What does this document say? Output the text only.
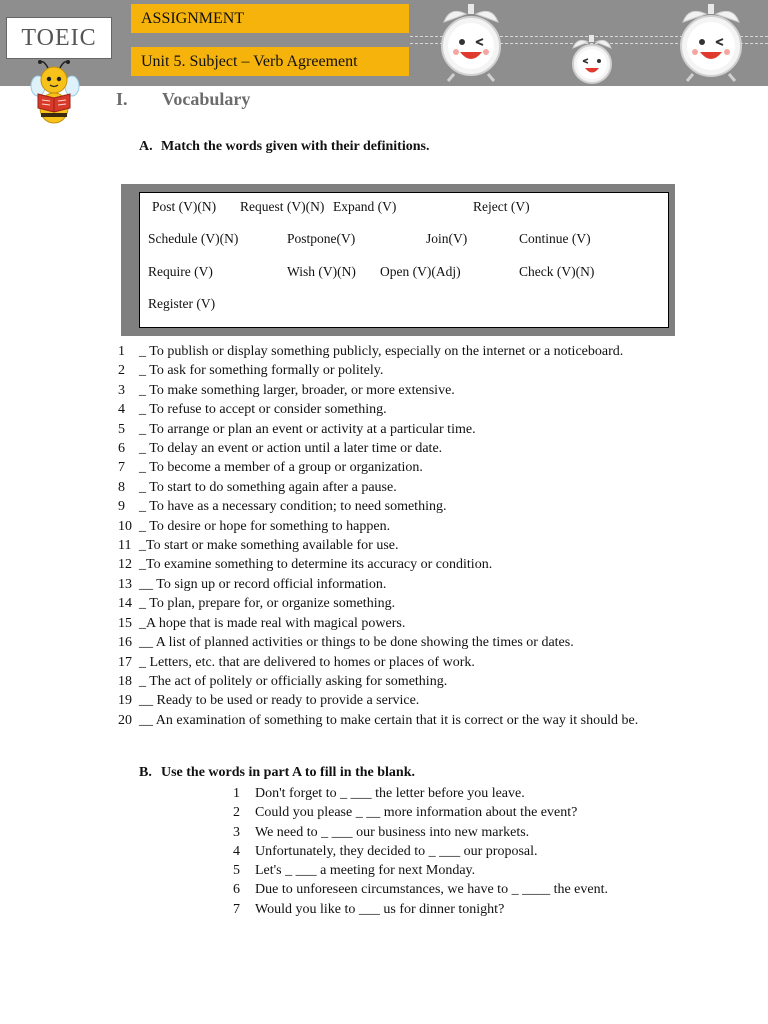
TOEIC
ASSIGNMENT
Unit 5. Subject – Verb Agreement
I. Vocabulary
A. Match the words given with their definitions.
Post (V)(N) Request (V)(N) Expand (V)	Reject (V)
Schedule (V)(N)	Postpone(V)	Join(V)	Continue (V)
Require (V)	Wish (V)(N) Open (V)(Adj)	Check (V)(N)
Register (V)
1	_ To publish or display something publicly, especially on the internet or a noticeboard.
2	_ To ask for something formally or politely.
3	_ To make something larger, broader, or more extensive.
4	_ To refuse to accept or consider something.
5	_ To arrange or plan an event or activity at a particular time.
6	_ To delay an event or action until a later time or date.
7	_ To become a member of a group or organization.
8	_ To start to do something again after a pause.
9	_ To have as a necessary condition; to need something.
10 _ To desire or hope for something to happen.
11 _To start or make something available for use.
12 _To examine something to determine its accuracy or condition.
13 __ To sign up or record official information.
14 _ To plan, prepare for, or organize something.
15 _A hope that is made real with magical powers.
16 __ A list of planned activities or things to be done showing the times or dates.
17 _ Letters, etc. that are delivered to homes or places of work.
18 _ The act of politely or officially asking for something.
19 __ Ready to be used or ready to provide a service.
20 __ An examination of something to make certain that it is correct or the way it should be.
B. Use the words in part A to fill in the blank.
1	Don't forget to _ ___ the letter before you leave.
2	Could you please _ __ more information about the event?
3	We need to _ ___ our business into new markets.
4	Unfortunately, they decided to _ ___ our proposal.
5	Let's _ ___ a meeting for next Monday.
6	Due to unforeseen circumstances, we have to _ ____ the event.
7	Would you like to ___ us for dinner tonight?
